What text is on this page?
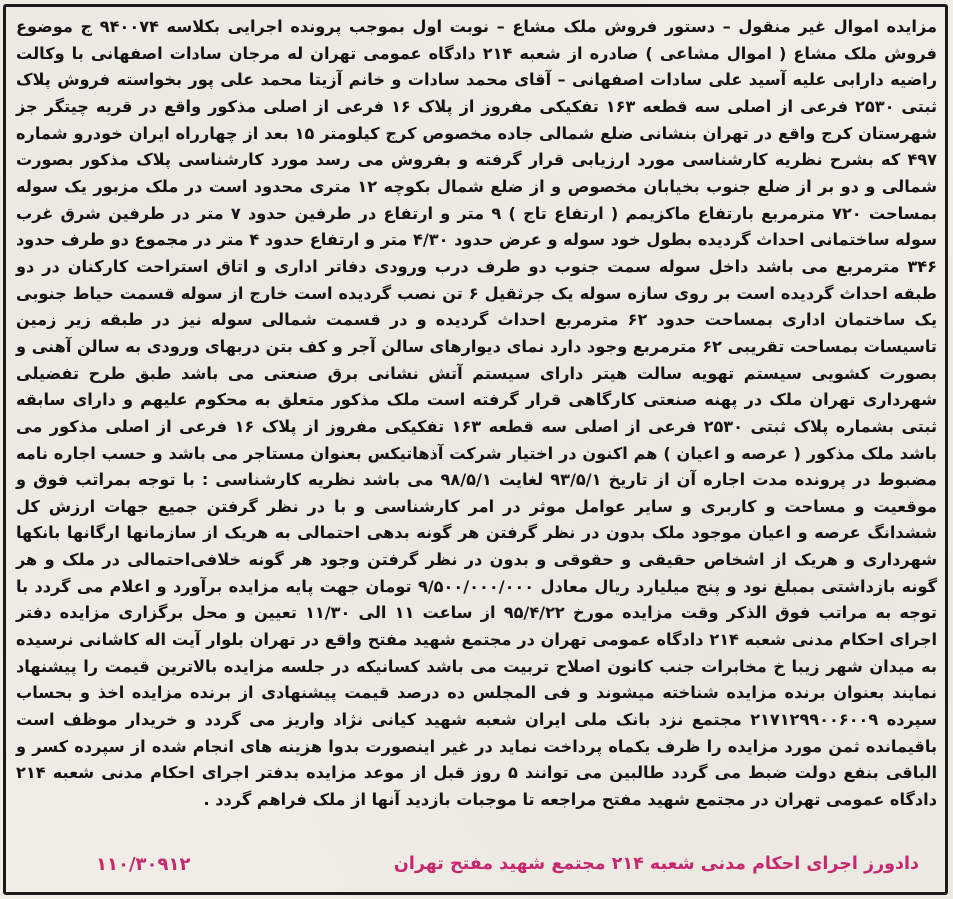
مزایده اموال غیر منقول – دستور فروش ملک مشاع – نوبت اول بموجب پرونده اجرایی بکلاسه ۹۴۰۰۷۴ ج موضوع فروش ملک مشاع ( اموال مشاعی ) صادره از شعبه ۲۱۴ دادگاه عمومی تهران له مرجان سادات اصفهانی با وکالت راضیه دارابی علیه آسید علی سادات اصفهانی – آقای محمد سادات و خانم آزیتا محمد علی پور بخواسته فروش پلاک ثبتی ۲۵۳۰ فرعی از اصلی سه قطعه ۱۶۳ تفکیکی مفروز از پلاک ۱۶ فرعی از اصلی مذکور واقع در قریه چیتگر جز شهرستان کرج واقع در تهران بنشانی ضلع شمالی جاده مخصوص کرج کیلومتر ۱۵ بعد از چهارراه ایران خودرو شماره ۴۹۷ که بشرح نظریه کارشناسی مورد ارزیابی قرار گرفته و بفروش می رسد مورد کارشناسی پلاک مذکور بصورت شمالی و دو بر از ضلع جنوب بخیابان مخصوص و از ضلع شمال بکوچه ۱۲ متری محدود است در ملک مزبور یک سوله بمساحت ۷۲۰ مترمربع بارتفاع ماکزیمم ( ارتفاع تاج ) ۹ متر و ارتفاع در طرفین حدود ۷ متر در طرفین شرق غرب سوله ساختمانی احداث گردیده بطول خود سوله و عرض حدود ۴/۳۰ متر و ارتفاع حدود ۴ متر در مجموع دو طرف حدود ۳۴۶ مترمربع می باشد داخل سوله سمت جنوب دو طرف درب ورودی دفاتر اداری و اتاق استراحت کارکنان در دو طبقه احداث گردیده است بر روی سازه سوله یک جرثقیل ۶ تن نصب گردیده است خارج از سوله قسمت حیاط جنوبی یک ساختمان اداری بمساحت حدود ۶۲ مترمربع احداث گردیده و در قسمت شمالی سوله نیز در طبقه زیر زمین تاسیسات بمساحت تقریبی ۶۲ مترمربع وجود دارد نمای دیوارهای سالن آجر و کف بتن دربهای ورودی به سالن آهنی و بصورت کشویی سیستم تهویه سالت هیتر دارای سیستم آتش نشانی برق صنعتی می باشد طبق طرح تفضیلی شهرداری تهران ملک در پهنه صنعتی کارگاهی قرار گرفته است ملک مذکور متعلق به محکوم علیهم و دارای سابقه ثبتی بشماره پلاک ثبتی ۲۵۳۰ فرعی از اصلی سه قطعه ۱۶۳ تفکیکی مفروز از پلاک ۱۶ فرعی از اصلی مذکور می باشد ملک مذکور ( عرصه و اعیان ) هم اکنون در اختیار شرکت آذهاتیکس بعنوان مستاجر می باشد و حسب اجاره نامه مضبوط در پرونده مدت اجاره آن از تاریخ ۹۳/۵/۱ لغایت ۹۸/۵/۱ می باشد نظریه کارشناسی : با توجه بمراتب فوق و موقعیت و مساحت و کاربری و سایر عوامل موثر در امر کارشناسی و با در نظر گرفتن جمیع جهات ارزش کل ششدانگ عرصه و اعیان موجود ملک بدون در نظر گرفتن هر گونه بدهی احتمالی به هریک از سازمانها ارگانها بانکها شهرداری و هریک از اشخاص حقیقی و حقوقی و بدون در نظر گرفتن وجود هر گونه خلافی‌احتمالی در ملک و هر گونه بازداشتی بمبلغ نود و پنج میلیارد ریال معادل ۹/۵۰۰/۰۰۰/۰۰۰ تومان جهت پایه مزایده برآورد و اعلام می گردد با توجه به مراتب فوق الذکر وقت مزایده مورخ ۹۵/۴/۲۲ از ساعت ۱۱ الی ۱۱/۳۰ تعیین و محل برگزاری مزایده دفتر اجرای احکام مدنی شعبه ۲۱۴ دادگاه عمومی تهران در مجتمع شهید مفتح واقع در تهران بلوار آیت اله کاشانی نرسیده به میدان شهر زیبا خ مخابرات جنب کانون اصلاح تربیت می باشد کسانیکه در جلسه مزایده بالاترین قیمت را پیشنهاد نمایند بعنوان برنده مزایده شناخته میشوند و فی المجلس ده درصد قیمت پیشنهادی از برنده مزایده اخذ و بحساب سپرده ۲۱۷۱۲۹۹۰۰۶۰۰۹ مجتمع نزد بانک ملی ایران شعبه شهید کیانی نژاد واریز می گردد و خریدار موظف است باقیمانده ثمن مورد مزایده را ظرف یکماه پرداخت نماید در غیر اینصورت بدوا هزینه های انجام شده از سپرده کسر و الباقی بنفع دولت ضبط می گردد طالبین می توانند ۵ روز قبل از موعد مزایده بدفتر اجرای احکام مدنی شعبه ۲۱۴ دادگاه عمومی تهران در مجتمع شهید مفتح مراجعه تا موجبات بازدید آنها از ملک فراهم گردد .

دادورز اجرای احکام مدنی شعبه ۲۱۴ مجتمع شهید مفتح تهران
۱۱۰/۳۰۹۱۲
